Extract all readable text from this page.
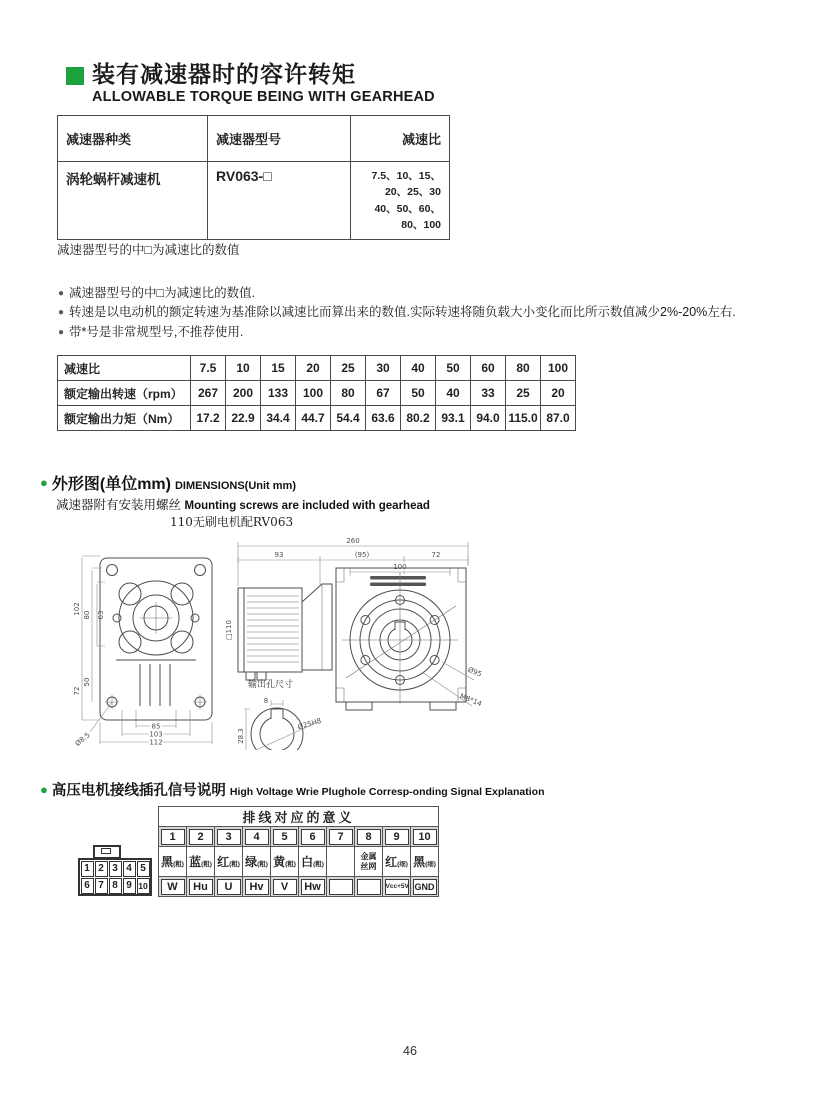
装有减速器时的容许转矩
ALLOWABLE TORQUE BEING WITH GEARHEAD
减速器种类	减速器型号	减速比
涡轮蜗杆减速机	RV063-□	7.5、10、15、20、25、30
40、50、60、80、100
减速器型号的中□为减速比的数值
● 减速器型号的中□为减速比的数值.
● 转速是以电动机的额定转速为基准除以减速比而算出来的数值.实际转速将随负载大小变化而比所示数值减少2%-20%左右.
● 带*号是非常规型号,不推荐使用.
减速比	7.5	10	15	20	25	30	40	50	60	80	100
额定输出转速（rpm）	267	200	133	100	80	67	50	40	33	25	20
额定输出力矩（Nm）	17.2	22.9	34.4	44.7	54.4	63.6	80.2	93.1	94.0	115.0	87.0
● 外形图(单位mm) DIMENSIONS(Unit mm)
减速器附有安装用螺丝 Mounting screws are included with gearhead
110无刷电机配RV063
102 80 63
72
50
85
103
112
Ø8.5
260
93	(95)	72
100
□110
输出孔尺寸
8
28.3
Ø25H8
Ø95
M8*14
● 高压电机接线插孔信号说明 High Voltage Wrie Plughole Corresp-onding Signal Explanation
1 2 3 4 5
6 7 8 9 10
排线对应的意义									

1	2	3	4	5	6	7	8	9	10

黑(粗)	蓝(粗)	红(粗)	绿(粗)	黄(粗)	白(粗)		金属丝网	红(细)	黑(细)

W	Hu	U	Hv	V	Hw			Vcc+5V	GND
46
